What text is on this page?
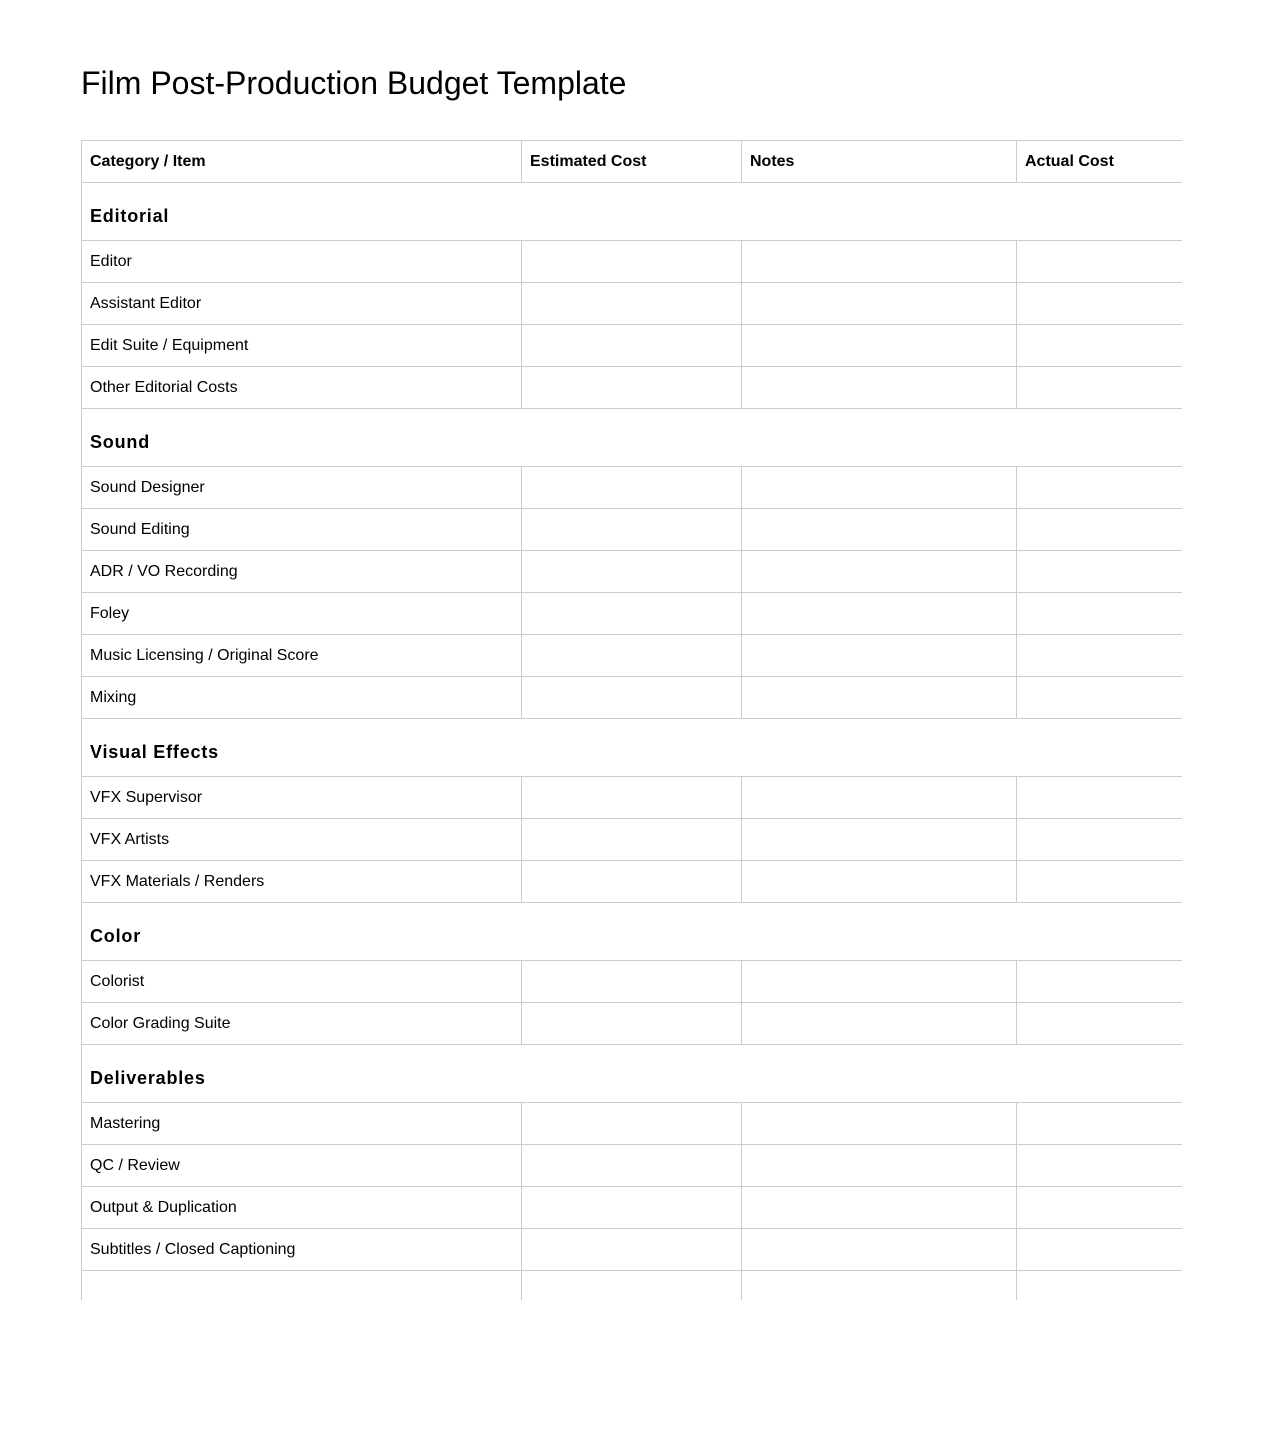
Film Post-Production Budget Template
Category / Item	Estimated Cost	Notes	Actual Cost
Editorial			
Editor			
Assistant Editor			
Edit Suite / Equipment			
Other Editorial Costs			
Sound			
Sound Designer			
Sound Editing			
ADR / VO Recording			
Foley			
Music Licensing / Original Score			
Mixing			
Visual Effects			
VFX Supervisor			
VFX Artists			
VFX Materials / Renders			
Color			
Colorist			
Color Grading Suite			
Deliverables			
Mastering			
QC / Review			
Output & Duplication			
Subtitles / Closed Captioning			
